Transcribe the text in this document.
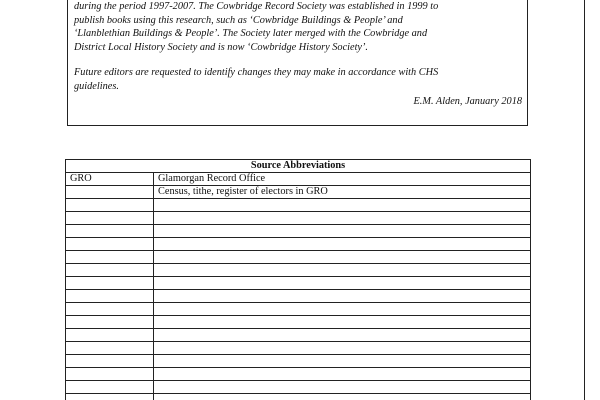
during the period 1997-2007. The Cowbridge Record Society was established in 1999 to
publish books using this research, such as ‘Cowbridge Buildings & People’ and
‘Llanblethian Buildings & People’. The Society later merged with the Cowbridge and
District Local History Society and is now ‘Cowbridge History Society’.

Future editors are requested to identify changes they may make in accordance with CHS
guidelines.

E.M. Alden, January 2018
Source Abbreviations	
GRO	Glamorgan Record Office
	Census, tithe, register of electors in GRO
